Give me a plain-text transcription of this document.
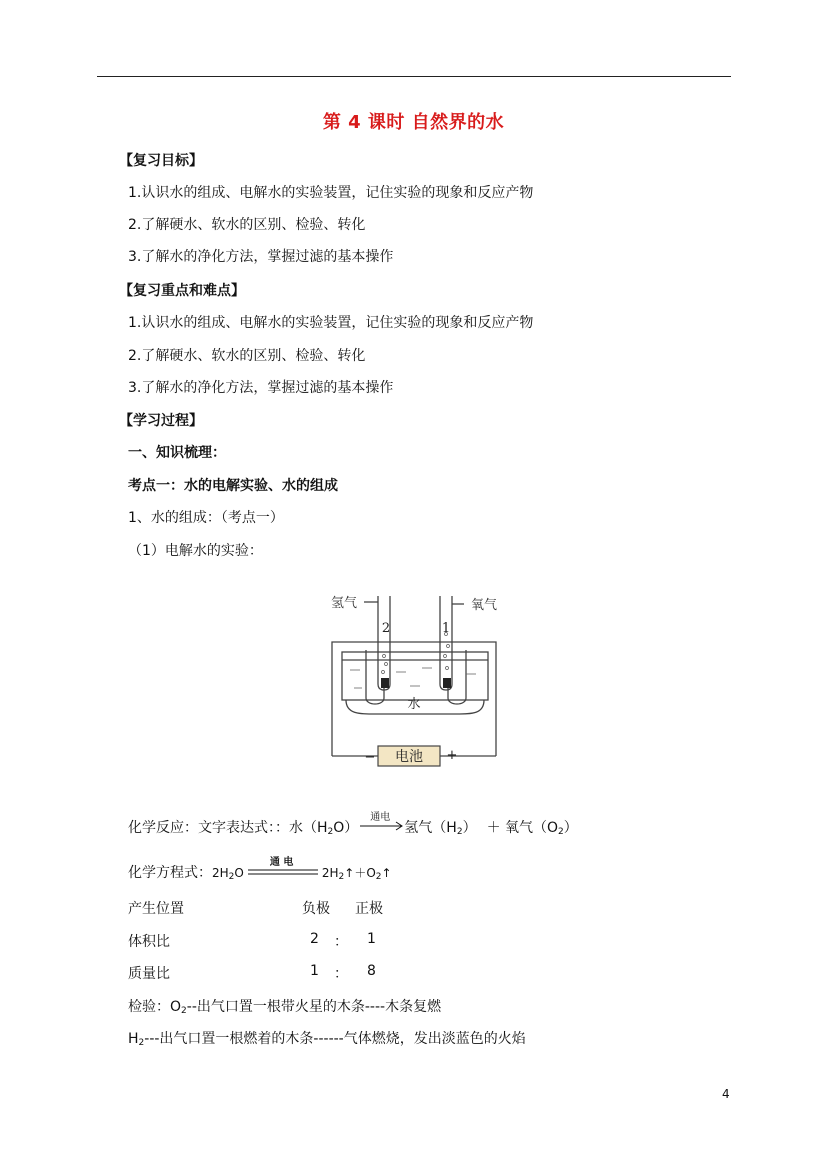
第 4 课时 自然界的水
【复习目标】
1.认识水的组成、电解水的实验装置，记住实验的现象和反应产物
2.了解硬水、软水的区别、检验、转化
3.了解水的净化方法，掌握过滤的基本操作
【复习重点和难点】
1.认识水的组成、电解水的实验装置，记住实验的现象和反应产物
2.了解硬水、软水的区别、检验、转化
3.了解水的净化方法，掌握过滤的基本操作
【学习过程】
一、知识梳理：
考点一：水的电解实验、水的组成
1、水的组成：（考点一）
（1）电解水的实验：
电池
−	+
氢气	氧气
2	1
水
化学反应：文字表达式：：水$(H_2O)$
通电
氢气$(H_2)$ ＋ 氧气$(O_2)$
化学方程式：$2H_2O$
通 电
$2H_2↑+O_2↑$
产生位置	负极 正极
体积比	2 ： 1
质量比	1 ： 8
检验：$O_2--$出气口置一根带火星的木条----木条复燃
$H_2---$出气口置一根燃着的木条------气体燃烧，发出淡蓝色的火焰
4
